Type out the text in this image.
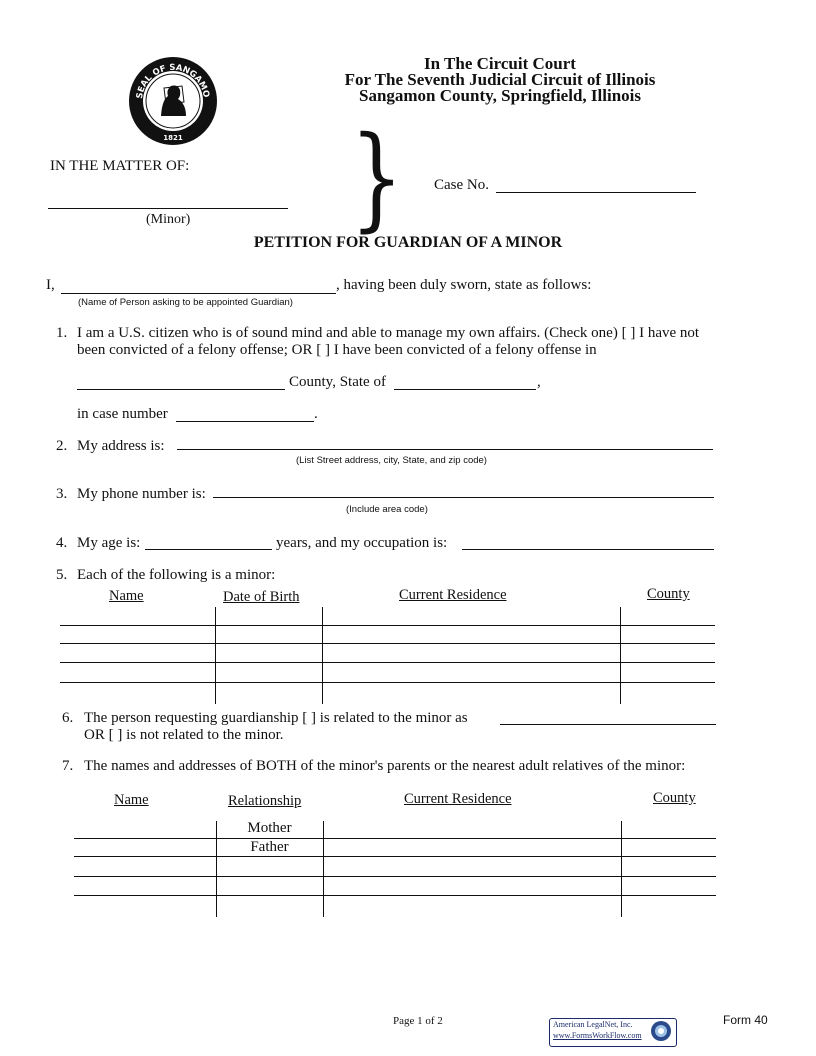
SEAL OF SANGAMO
1821
In The Circuit Court
For The Seventh Judicial Circuit of Illinois
Sangamon County, Springfield, Illinois
IN THE MATTER OF:
(Minor) } Case No.
PETITION FOR GUARDIAN OF A MINOR
I,	, having been duly sworn, state as follows:
(Name of Person asking to be appointed Guardian)
1. I am a U.S. citizen who is of sound mind and able to manage my own affairs. (Check one) [ ] I have not
been convicted of a felony offense; OR [ ] I have been convicted of a felony offense in
County, State of	,
in case number	.
2. My address is:
(List Street address, city, State, and zip code)
3. My phone number is:
(Include area code)
4. My age is:	years, and my occupation is:
5. Each of the following is a minor:
Name	Date of Birth	Current Residence	County
6. The person requesting guardianship [ ] is related to the minor as
OR [ ] is not related to the minor.
7. The names and addresses of BOTH of the minor's parents or the nearest adult relatives of the minor:
Name	Relationship	Current Residence	County
Mother
Father
Page 1 of 2	Form 40
American LegalNet, Inc.
www.FormsWorkFlow.com
